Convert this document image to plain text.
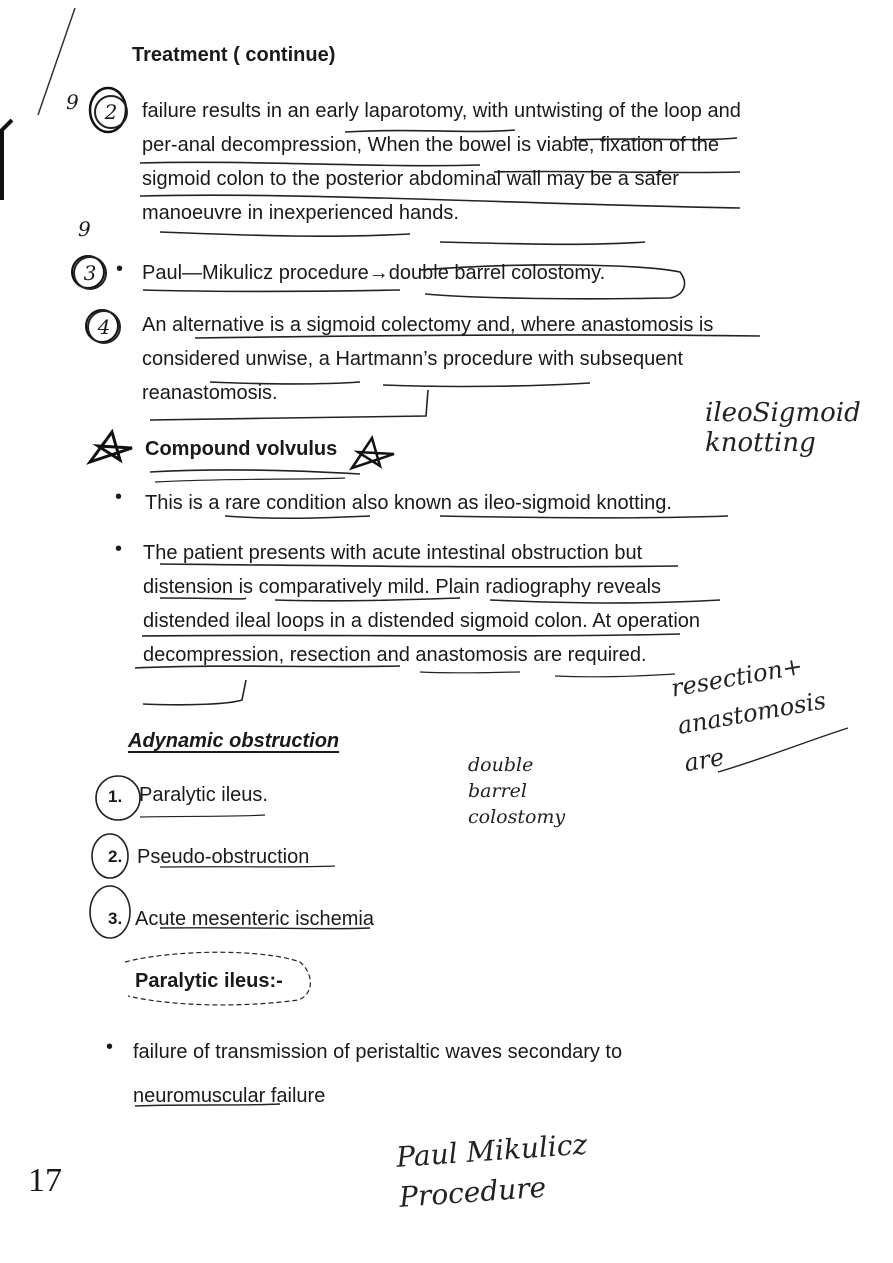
Treatment ( continue)
9
9
2	failure results in an early laparotomy, with untwisting of the loop and per-anal decompression, When the bowel is viable, fixation of the sigmoid colon to the posterior abdominal wall may be a safer manoeuvre in inexperienced hands.
3 • Paul—Mikulicz procedure→double barrel colostomy.
4	An alternative is a sigmoid colectomy and, where anastomosis is considered unwise, a Hartmann’s procedure with subsequent reanastomosis.
Compound volvulus
• This is a rare condition also known as ileo-sigmoid knotting.
• The patient presents with acute intestinal obstruction but distension is comparatively mild. Plain radiography reveals distended ileal loops in a distended sigmoid colon. At operation decompression, resection and anastomosis are required.
Adynamic obstruction
1. Paralytic ileus.
2. Pseudo-obstruction
3. Acute mesenteric ischemia
Paralytic ileus:-
• failure of transmission of peristaltic waves secondary to neuromuscular failure
ileoSigmoid knotting
resection+ anastomosis are
double barrel colostomy
Paul Mikulicz Procedure
17
